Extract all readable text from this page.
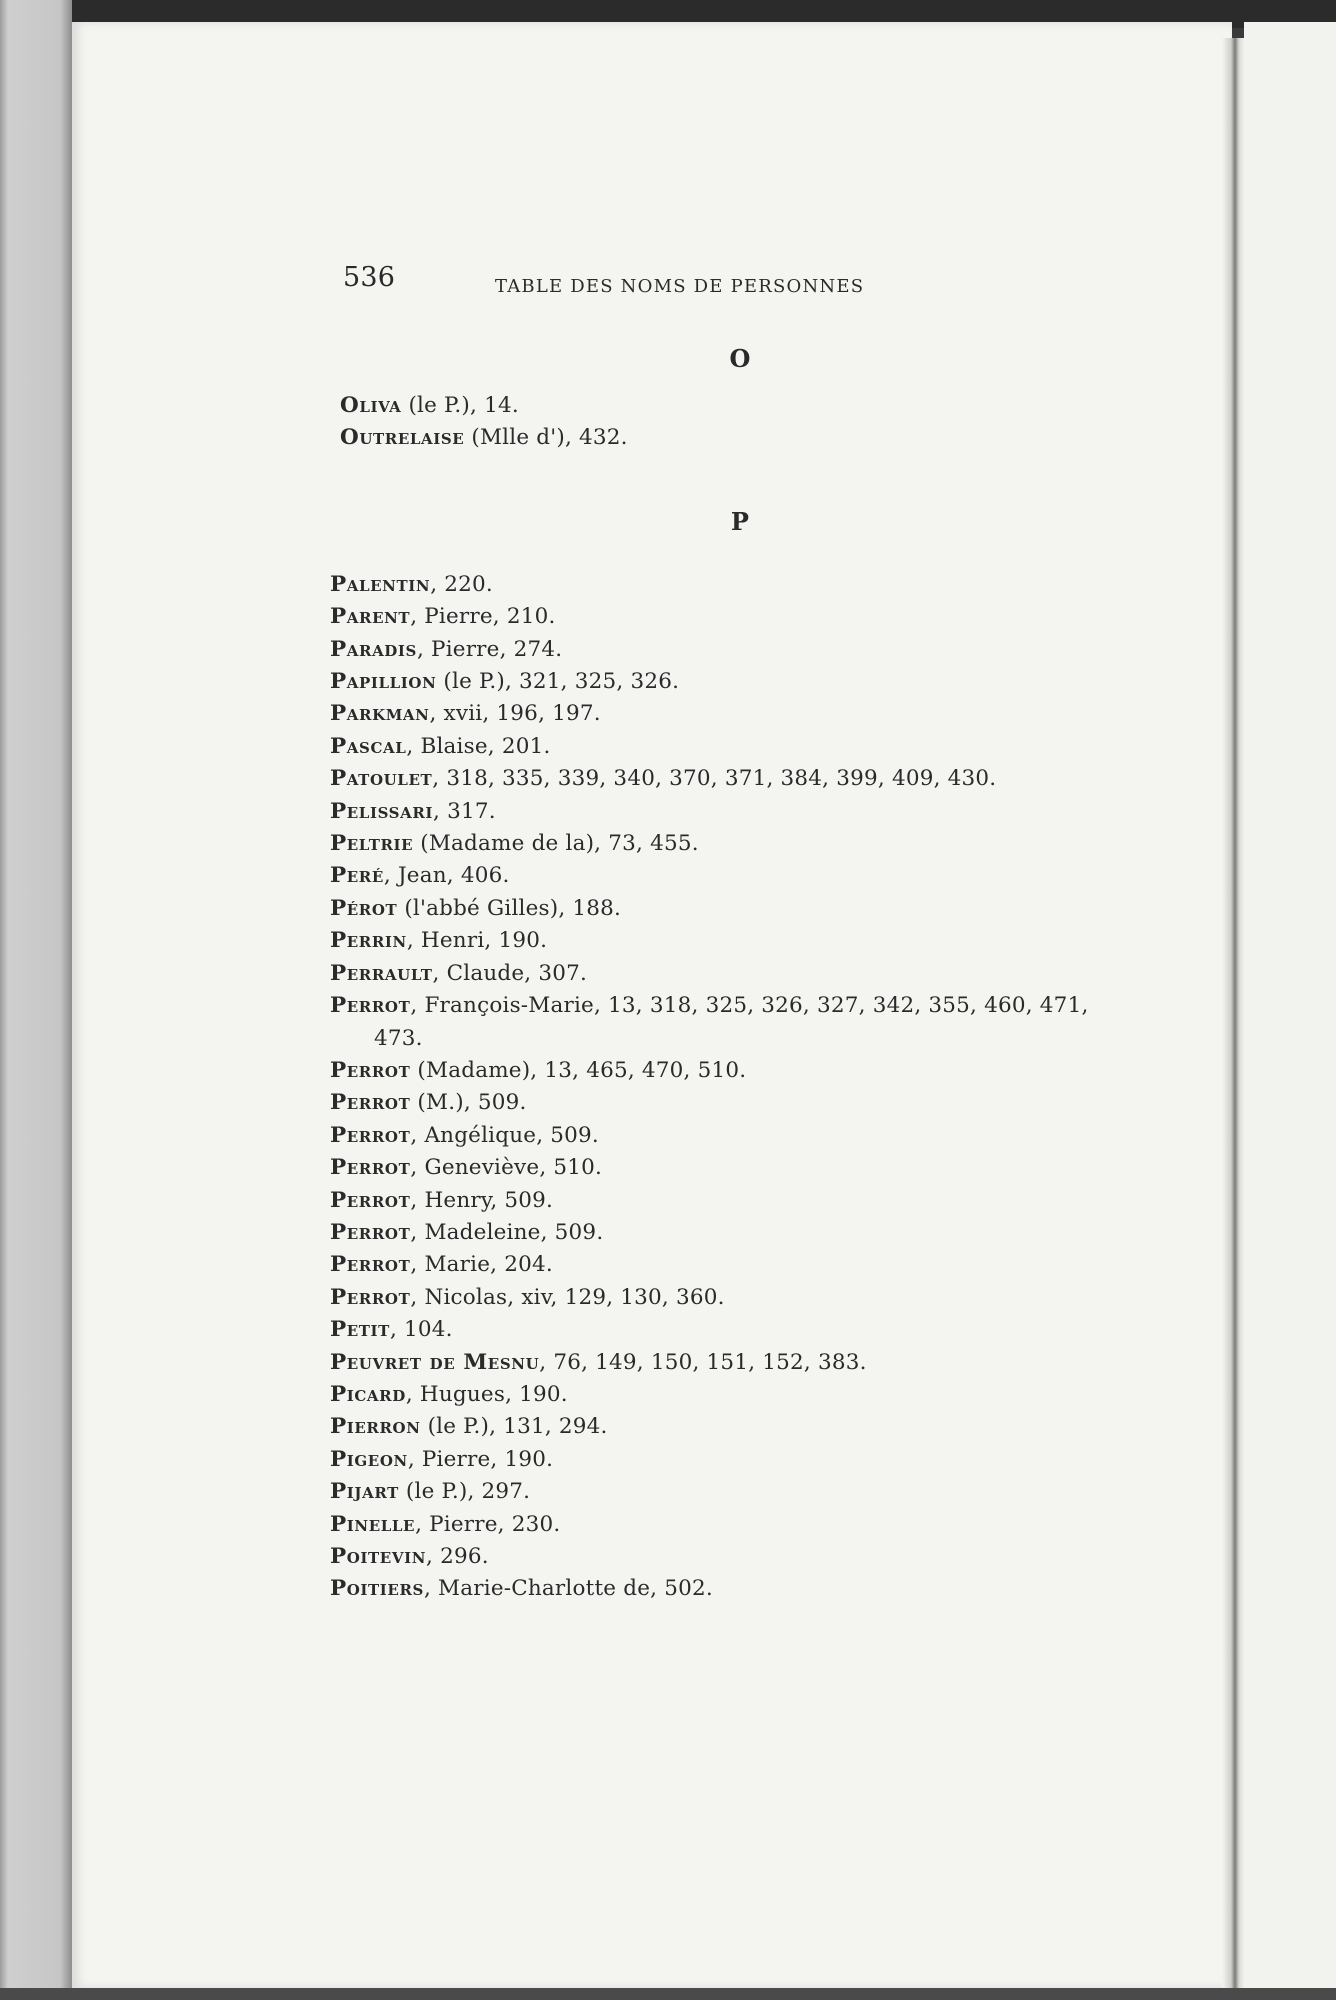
536	TABLE DES NOMS DE PERSONNES
O
Oliva (le P.), 14.
Outrelaise (Mlle d'), 432.
P
Palentin, 220.
Parent, Pierre, 210.
Paradis, Pierre, 274.
Papillion (le P.), 321, 325, 326.
Parkman, xvii, 196, 197.
Pascal, Blaise, 201.
Patoulet, 318, 335, 339, 340, 370, 371, 384, 399, 409, 430.
Pelissari, 317.
Peltrie (Madame de la), 73, 455.
Peré, Jean, 406.
Pérot (l'abbé Gilles), 188.
Perrin, Henri, 190.
Perrault, Claude, 307.
Perrot, François-Marie, 13, 318, 325, 326, 327, 342, 355, 460, 471, 473.
Perrot (Madame), 13, 465, 470, 510.
Perrot (M.), 509.
Perrot, Angélique, 509.
Perrot, Geneviève, 510.
Perrot, Henry, 509.
Perrot, Madeleine, 509.
Perrot, Marie, 204.
Perrot, Nicolas, xiv, 129, 130, 360.
Petit, 104.
Peuvret de Mesnu, 76, 149, 150, 151, 152, 383.
Picard, Hugues, 190.
Pierron (le P.), 131, 294.
Pigeon, Pierre, 190.
Pijart (le P.), 297.
Pinelle, Pierre, 230.
Poitevin, 296.
Poitiers, Marie-Charlotte de, 502.
